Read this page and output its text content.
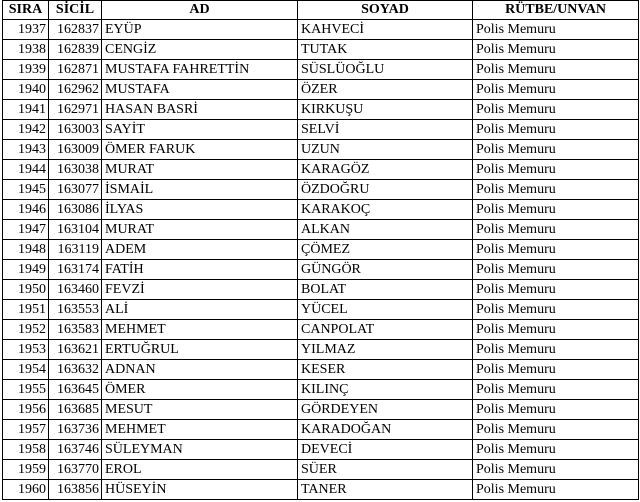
SIRA	SİCİL	AD	SOYAD	RÜTBE/UNVAN
1937	162837	EYÜP	KAHVECİ	Polis Memuru
1938	162839	CENGİZ	TUTAK	Polis Memuru
1939	162871	MUSTAFA FAHRETTİN	SÜSLÜOĞLU	Polis Memuru
1940	162962	MUSTAFA	ÖZER	Polis Memuru
1941	162971	HASAN BASRİ	KIRKUŞU	Polis Memuru
1942	163003	SAYİT	SELVİ	Polis Memuru
1943	163009	ÖMER FARUK	UZUN	Polis Memuru
1944	163038	MURAT	KARAGÖZ	Polis Memuru
1945	163077	İSMAİL	ÖZDOĞRU	Polis Memuru
1946	163086	İLYAS	KARAKOÇ	Polis Memuru
1947	163104	MURAT	ALKAN	Polis Memuru
1948	163119	ADEM	ÇÖMEZ	Polis Memuru
1949	163174	FATİH	GÜNGÖR	Polis Memuru
1950	163460	FEVZİ	BOLAT	Polis Memuru
1951	163553	ALİ	YÜCEL	Polis Memuru
1952	163583	MEHMET	CANPOLAT	Polis Memuru
1953	163621	ERTUĞRUL	YILMAZ	Polis Memuru
1954	163632	ADNAN	KESER	Polis Memuru
1955	163645	ÖMER	KILINÇ	Polis Memuru
1956	163685	MESUT	GÖRDEYEN	Polis Memuru
1957	163736	MEHMET	KARADOĞAN	Polis Memuru
1958	163746	SÜLEYMAN	DEVECİ	Polis Memuru
1959	163770	EROL	SÜER	Polis Memuru
1960	163856	HÜSEYİN	TANER	Polis Memuru
